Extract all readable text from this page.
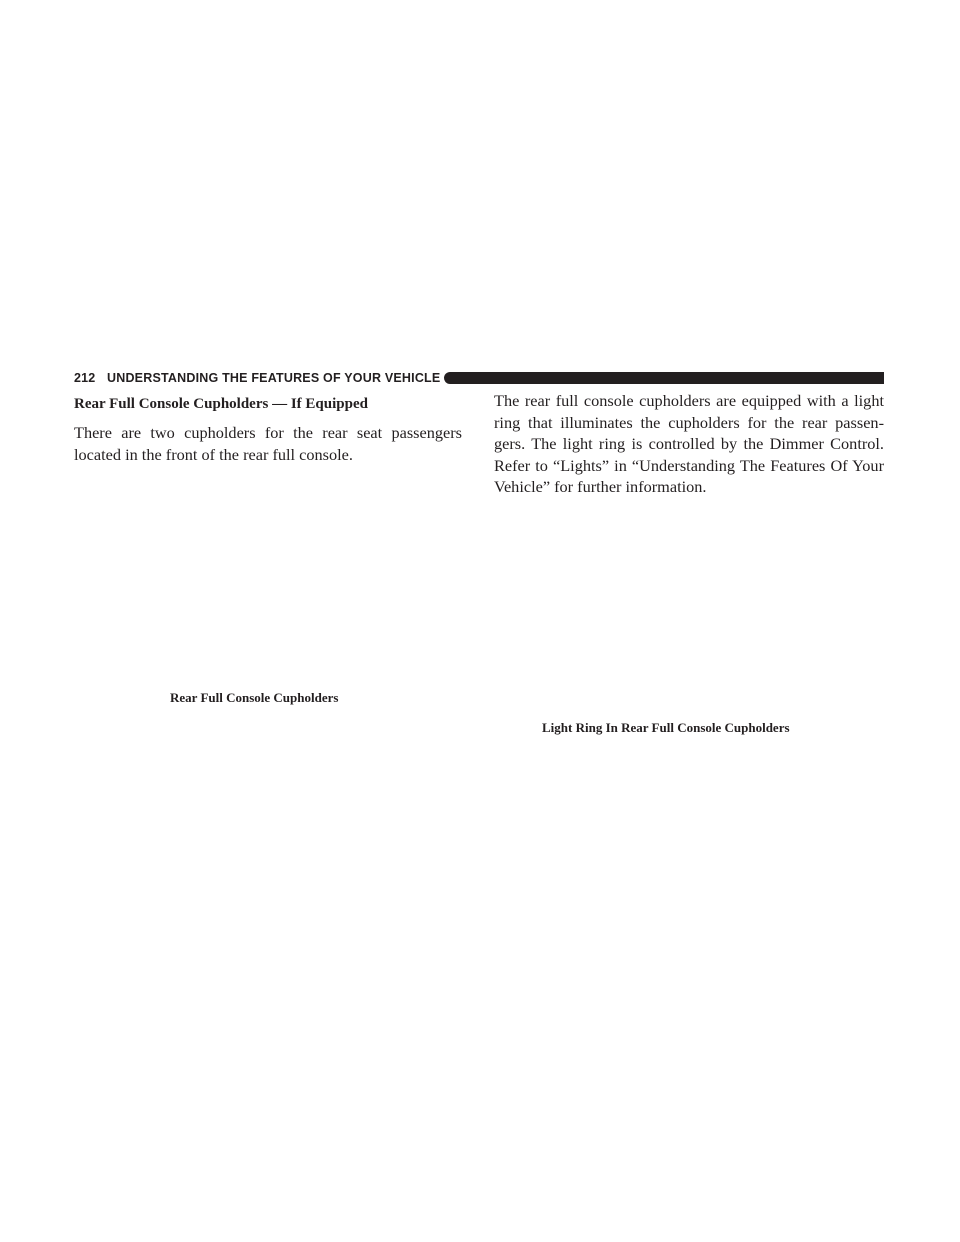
212 UNDERSTANDING THE FEATURES OF YOUR VEHICLE
Rear Full Console Cupholders — If Equipped

There are two cupholders for the rear seat passengers located in the front of the rear full console.

The rear full console cupholders are equipped with a light ring that illuminates the cupholders for the rear passen-gers. The light ring is controlled by the Dimmer Control. Refer to “Lights” in “Understanding The Features Of Your Vehicle” for further information.

Rear Full Console Cupholders
Light Ring In Rear Full Console Cupholders
